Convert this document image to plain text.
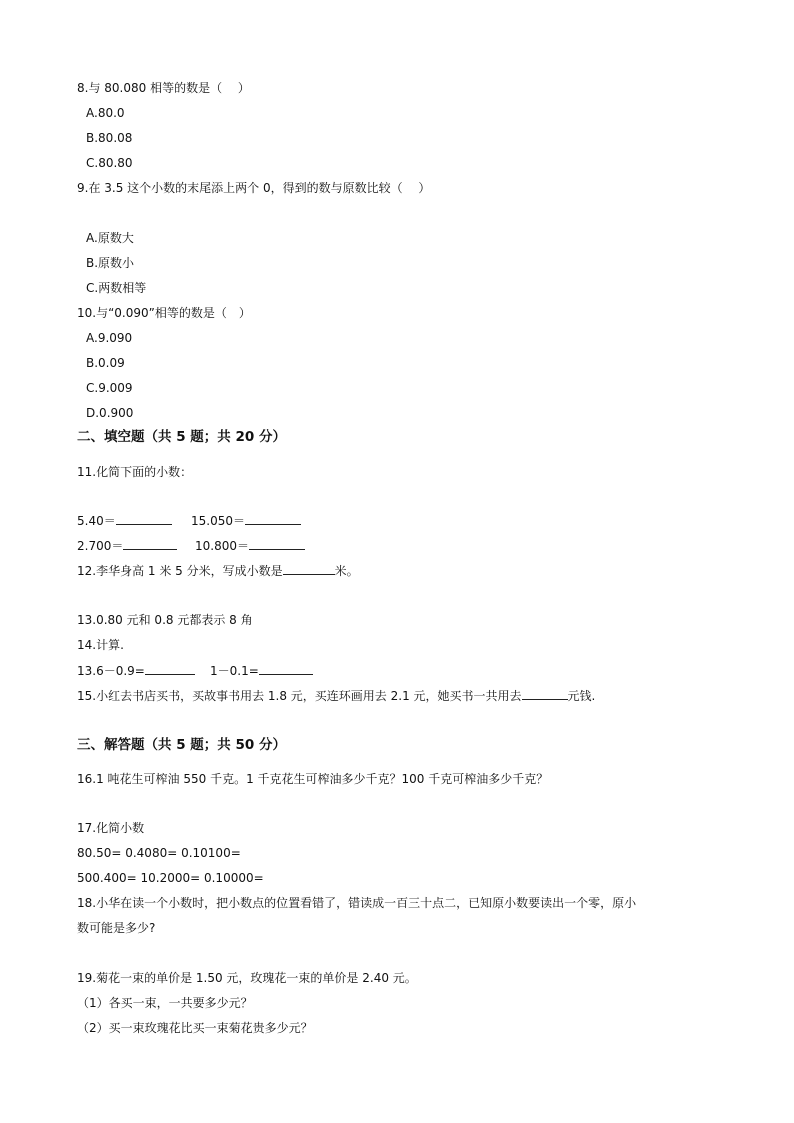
8.与 80.080 相等的数是（　 ）
A.80.0
B.80.08
C.80.80
9.在 3.5 这个小数的末尾添上两个 0，得到的数与原数比较（　 ）
A.原数大
B.原数小
C.两数相等
10.与“0.090”相等的数是（　）
A.9.090
B.0.09
C.9.009
D.0.900
二、填空题（共 5 题；共 20 分）
11.化简下面的小数：
5.40＝	15.050＝
2.700＝	10.800＝
12.李华身高 1 米 5 分米，写成小数是	米。
13.0.80 元和 0.8 元都表示 8 角
14.计算.
13.6－0.9=	1－0.1=
15.小红去书店买书，买故事书用去 1.8 元，买连环画用去 2.1 元，她买书一共用去	元钱.
三、解答题（共 5 题；共 50 分）
16.1 吨花生可榨油 550 千克。1 千克花生可榨油多少千克？100 千克可榨油多少千克？
17.化简小数
80.50= 0.4080= 0.10100=
500.400= 10.2000= 0.10000=
18.小华在读一个小数时，把小数点的位置看错了，错读成一百三十点二，已知原小数要读出一个零，原小
数可能是多少?
19.菊花一束的单价是 1.50 元，玫瑰花一束的单价是 2.40 元。
（1）各买一束，一共要多少元？
（2）买一束玫瑰花比买一束菊花贵多少元？
